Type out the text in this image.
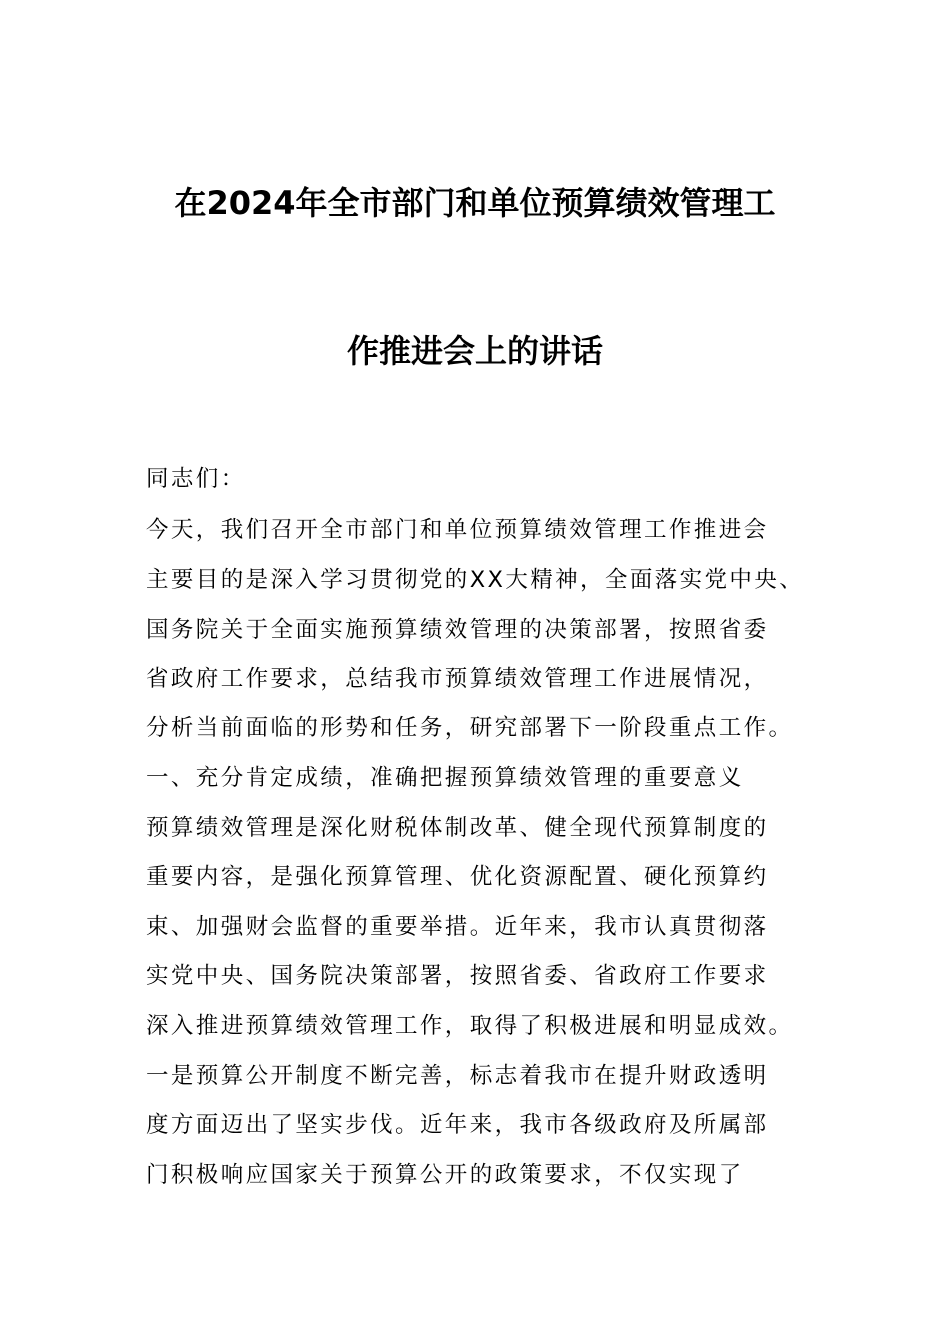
在2024年全市部门和单位预算绩效管理工
作推进会上的讲话
同志们：
今天，我们召开全市部门和单位预算绩效管理工作推进会
主要目的是深入学习贯彻党的XX大精神，全面落实党中央、
国务院关于全面实施预算绩效管理的决策部署，按照省委
省政府工作要求，总结我市预算绩效管理工作进展情况，
分析当前面临的形势和任务，研究部署下一阶段重点工作。
一、充分肯定成绩，准确把握预算绩效管理的重要意义
预算绩效管理是深化财税体制改革、健全现代预算制度的
重要内容，是强化预算管理、优化资源配置、硬化预算约
束、加强财会监督的重要举措。近年来，我市认真贯彻落
实党中央、国务院决策部署，按照省委、省政府工作要求
深入推进预算绩效管理工作，取得了积极进展和明显成效。
一是预算公开制度不断完善，标志着我市在提升财政透明
度方面迈出了坚实步伐。近年来，我市各级政府及所属部
门积极响应国家关于预算公开的政策要求，不仅实现了
